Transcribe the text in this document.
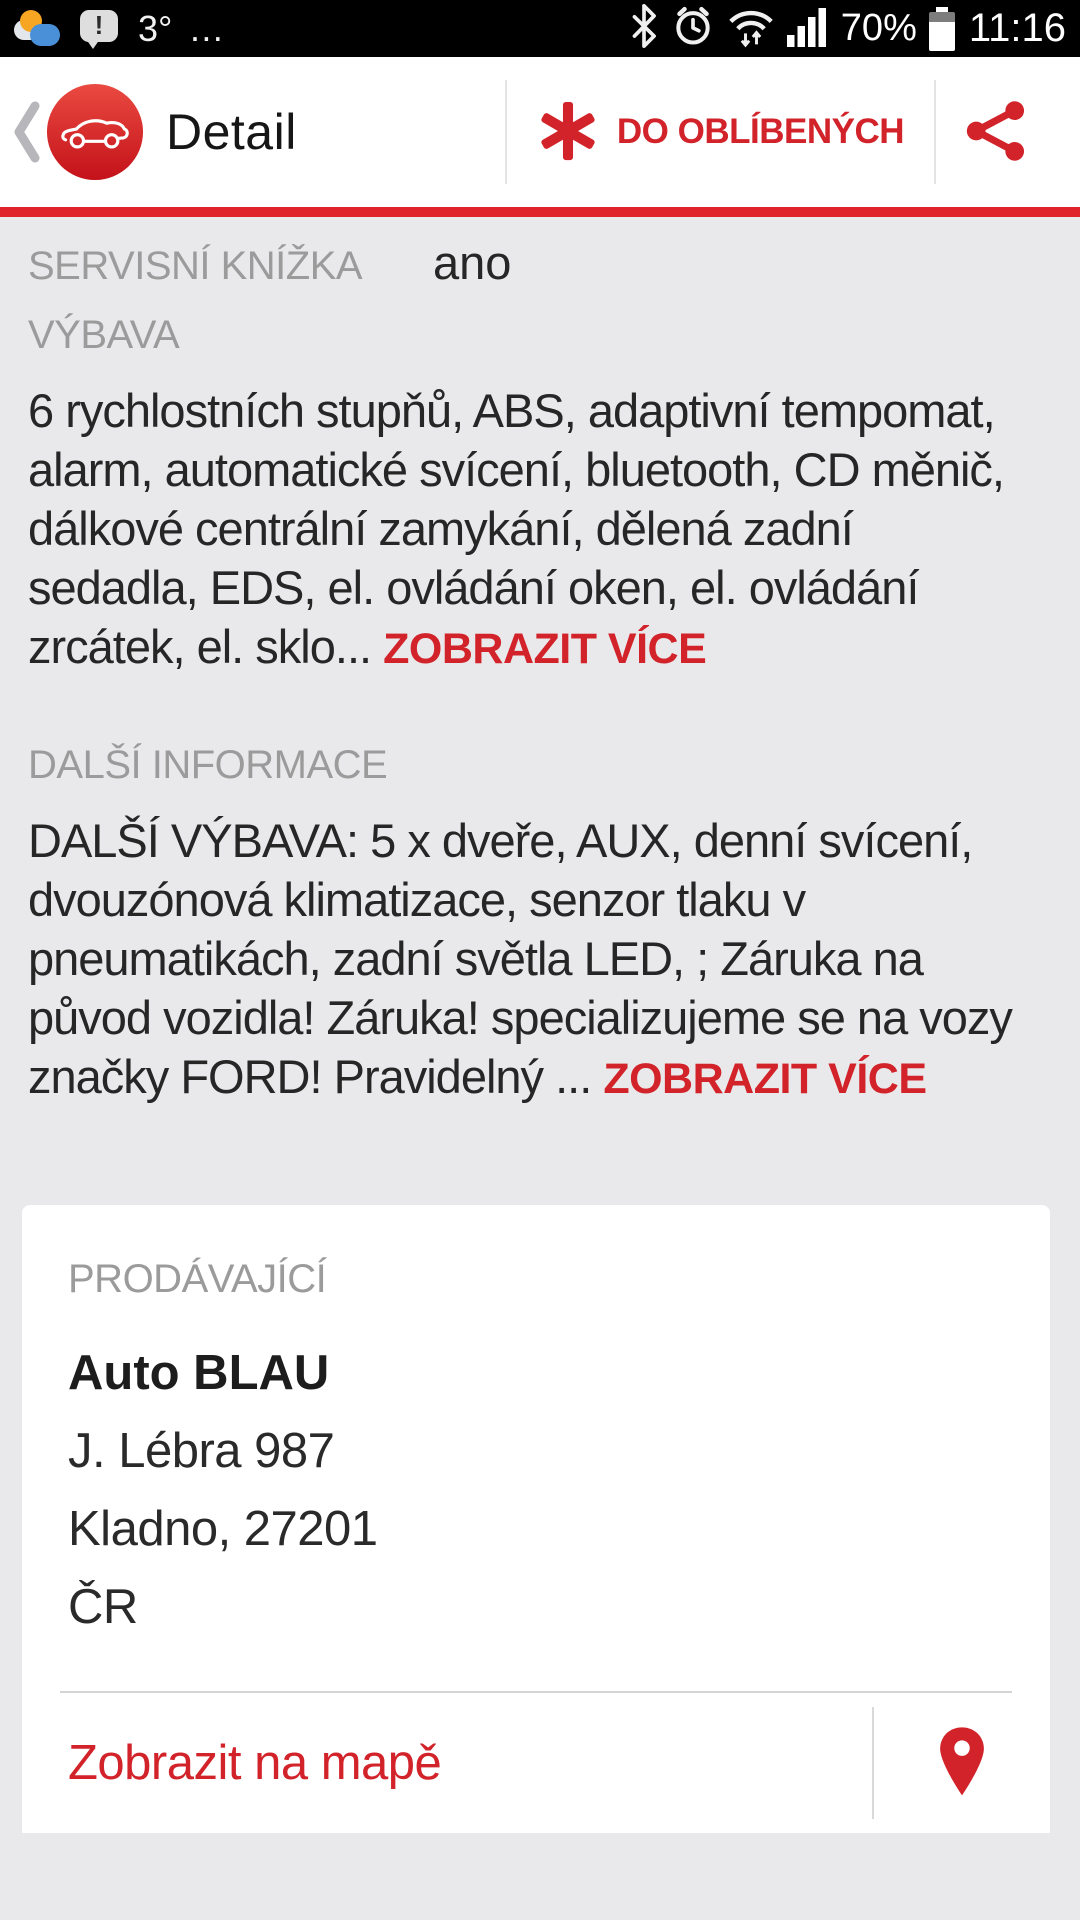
! 3° …	70% 11:16
Detail	DO OBLÍBENÝCH
SERVISNÍ KNÍŽKA	ano
VÝBAVA

6 rychlostních stupňů, ABS, adaptivní tempomat, alarm, automatické svícení, bluetooth, CD měnič, dálkové centrální zamykání, dělená zadní sedadla, EDS, el. ovládání oken, el. ovládání zrcátek, el. sklo... ZOBRAZIT VÍCE

DALŠÍ INFORMACE

DALŠÍ VÝBAVA: 5 x dveře, AUX, denní svícení, dvouzónová klimatizace, senzor tlaku v pneumatikách, zadní světla LED, ; Záruka na původ vozidla! Záruka! specializujeme se na vozy značky FORD! Pravidelný ... ZOBRAZIT VÍCE

PRODÁVAJÍCÍ
Auto BLAU
J. Lébra 987
Kladno, 27201
ČR
Zobrazit na mapě
